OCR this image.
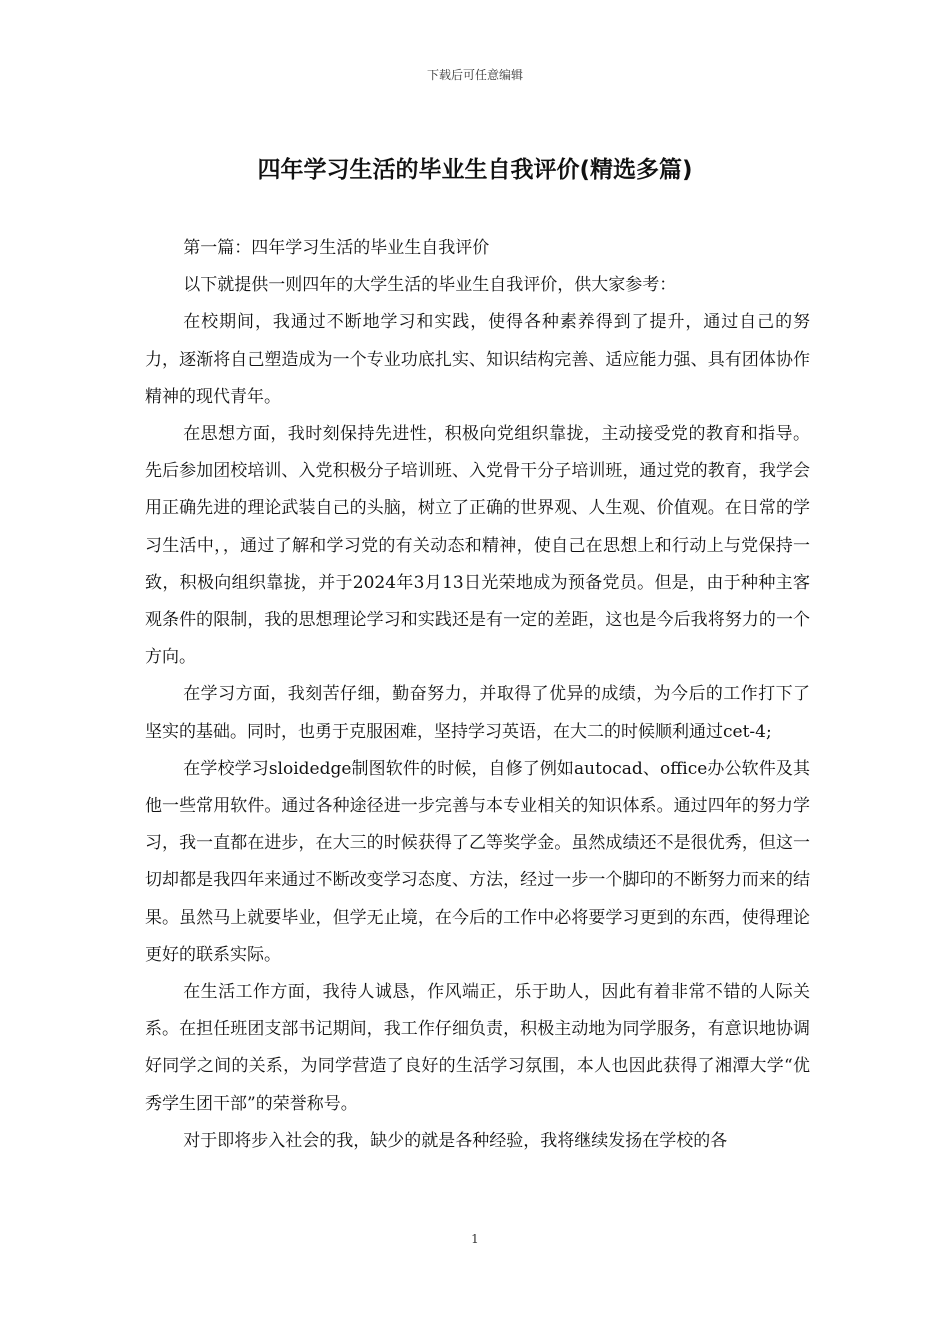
下载后可任意编辑
四年学习生活的毕业生自我评价(精选多篇)

第一篇：四年学习生活的毕业生自我评价

以下就提供一则四年的大学生活的毕业生自我评价，供大家参考：

在校期间，我通过不断地学习和实践，使得各种素养得到了提升，通过自己的努力，逐渐将自己塑造成为一个专业功底扎实、知识结构完善、适应能力强、具有团体协作精神的现代青年。

在思想方面，我时刻保持先进性，积极向党组织靠拢，主动接受党的教育和指导。先后参加团校培训、入党积极分子培训班、入党骨干分子培训班，通过党的教育，我学会用正确先进的理论武装自己的头脑，树立了正确的世界观、人生观、价值观。在日常的学习生活中，，通过了解和学习党的有关动态和精神，使自己在思想上和行动上与党保持一致，积极向组织靠拢，并于2024年3月13日光荣地成为预备党员。但是，由于种种主客观条件的限制，我的思想理论学习和实践还是有一定的差距，这也是今后我将努力的一个方向。

在学习方面，我刻苦仔细，勤奋努力，并取得了优异的成绩，为今后的工作打下了坚实的基础。同时，也勇于克服困难，坚持学习英语，在大二的时候顺利通过cet-4;

在学校学习sloidedge制图软件的时候，自修了例如autocad、office办公软件及其他一些常用软件。通过各种途径进一步完善与本专业相关的知识体系。通过四年的努力学习，我一直都在进步，在大三的时候获得了乙等奖学金。虽然成绩还不是很优秀，但这一切却都是我四年来通过不断改变学习态度、方法，经过一步一个脚印的不断努力而来的结果。虽然马上就要毕业，但学无止境，在今后的工作中必将要学习更到的东西，使得理论更好的联系实际。

在生活工作方面，我待人诚恳，作风端正，乐于助人，因此有着非常不错的人际关系。在担任班团支部书记期间，我工作仔细负责，积极主动地为同学服务，有意识地协调好同学之间的关系，为同学营造了良好的生活学习氛围，本人也因此获得了湘潭大学“优秀学生团干部”的荣誉称号。

对于即将步入社会的我，缺少的就是各种经验，我将继续发扬在学校的各

1
